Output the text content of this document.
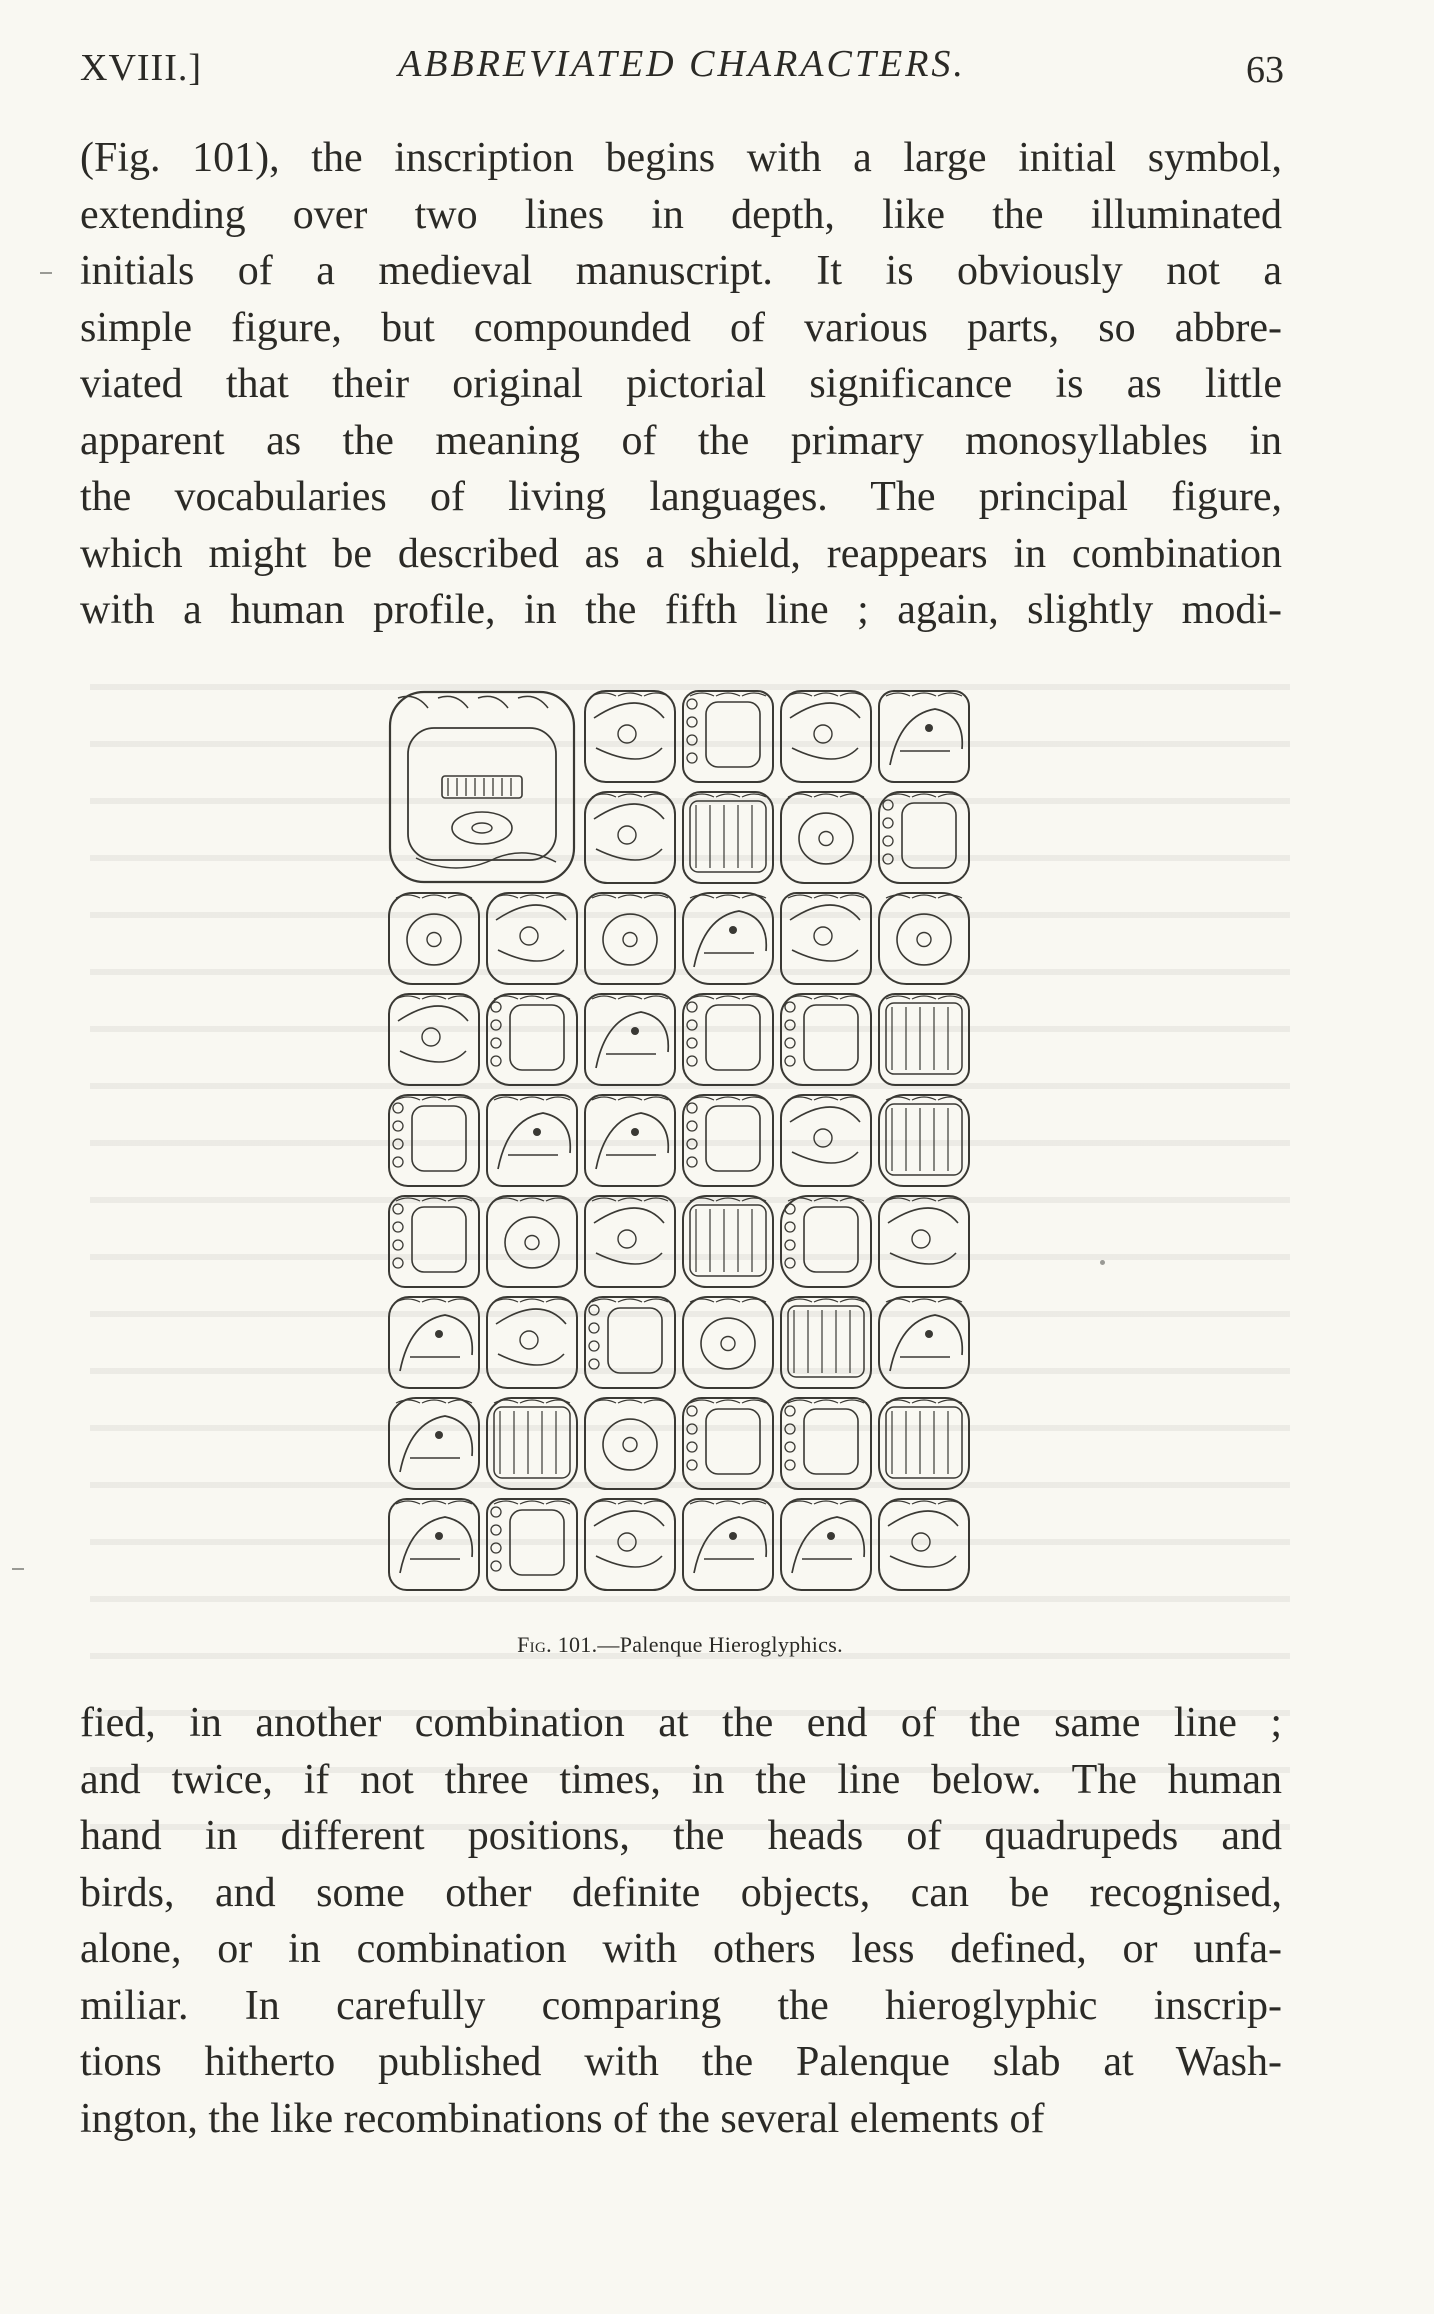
XVIII.]	ABBREVIATED CHARACTERS.	63
(Fig. 101), the inscription begins with a large initial symbol,
extending over two lines in depth, like the illuminated
initials of a medieval manuscript. It is obviously not a
simple figure, but compounded of various parts, so abbre-
viated that their original pictorial significance is as little
apparent as the meaning of the primary monosyllables in
the vocabularies of living languages. The principal figure,
which might be described as a shield, reappears in combination
with a human profile, in the fifth line ; again, slightly modi-
Fig. 101.—Palenque Hieroglyphics.
fied, in another combination at the end of the same line ;
and twice, if not three times, in the line below. The human
hand in different positions, the heads of quadrupeds and
birds, and some other definite objects, can be recognised,
alone, or in combination with others less defined, or unfa-
miliar. In carefully comparing the hieroglyphic inscrip-
tions hitherto published with the Palenque slab at Wash-
ington, the like recombinations of the several elements of
